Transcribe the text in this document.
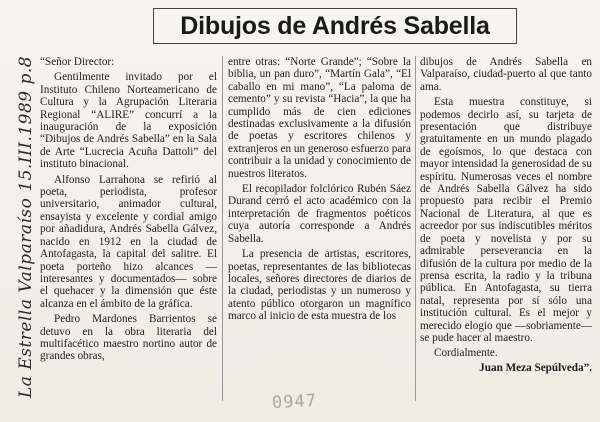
Dibujos de Andrés Sabella

“Señor Director:

Gentilmente invitado por el Instituto Chileno Norteamericano de Cultura y la Agrupación Literaria Regional “ALIRE” concurrí a la inauguración de la exposición “Dibujos de Andrés Sabella” en la Sala de Arte “Lucrecia Acuña Dattoli” del instituto binacional.

Alfonso Larrahona se refirió al poeta, periodista, profesor universitario, animador cultural, ensayista y excelente y cordial amigo por añadidura, Andrés Sabella Gálvez, nacido en 1912 en la ciudad de Antofagasta, la capital del salitre. El poeta porteño hizo alcances —interesantes y documentados— sobre el quehacer y la dimensión que éste alcanza en el ámbito de la gráfica.

Pedro Mardones Barrientos se detuvo en la obra literaria del multifacético maestro nortino autor de grandes obras,

entre otras: “Norte Grande”; “Sobre la biblia, un pan duro”, “Martín Gala”, “El caballo en mi mano”, “La paloma de cemento” y su revista “Hacia”, la que ha cumplido más de cien ediciones destinadas exclusivamente a la difusión de poetas y escritores chilenos y extranjeros en un generoso esfuerzo para contribuir a la unidad y conocimiento de nuestros literatos.

El recopilador folclórico Rubén Sáez Durand cerró el acto académico con la interpretación de fragmentos poéticos cuya autoría corresponde a Andrés Sabella.

La presencia de artistas, escritores, poetas, representantes de las bibliotecas locales, señores directores de diarios de la ciudad, periodistas y un numeroso y atento público otorgaron un magnífico marco al inicio de esta muestra de los

dibujos de Andrés Sabella en Valparaíso, ciudad-puerto al que tanto ama.

Esta muestra constituye, si podemos decirlo así, su tarjeta de presentación que distribuye gratuitamente en un mundo plagado de egoísmos, lo que destaca con mayor intensidad la generosidad de su espíritu. Numerosas veces el nombre de Andrés Sabella Gálvez ha sido propuesto para recibir el Premio Nacional de Literatura, al que es acreedor por sus indiscutibles méritos de poeta y novelista y por su admirable perseverancia en la difusión de la cultura por medio de la prensa escrita, la radio y la tribuna pública. En Antofagasta, su tierra natal, representa por sí sólo una institución cultural. Es el mejor y merecido elogio que —sobriamente— se pude hacer al maestro.

Cordialmente.

Juan Meza Sepúlveda”.

La Estrella Valparaíso 15.III.1989 p.8
0947
